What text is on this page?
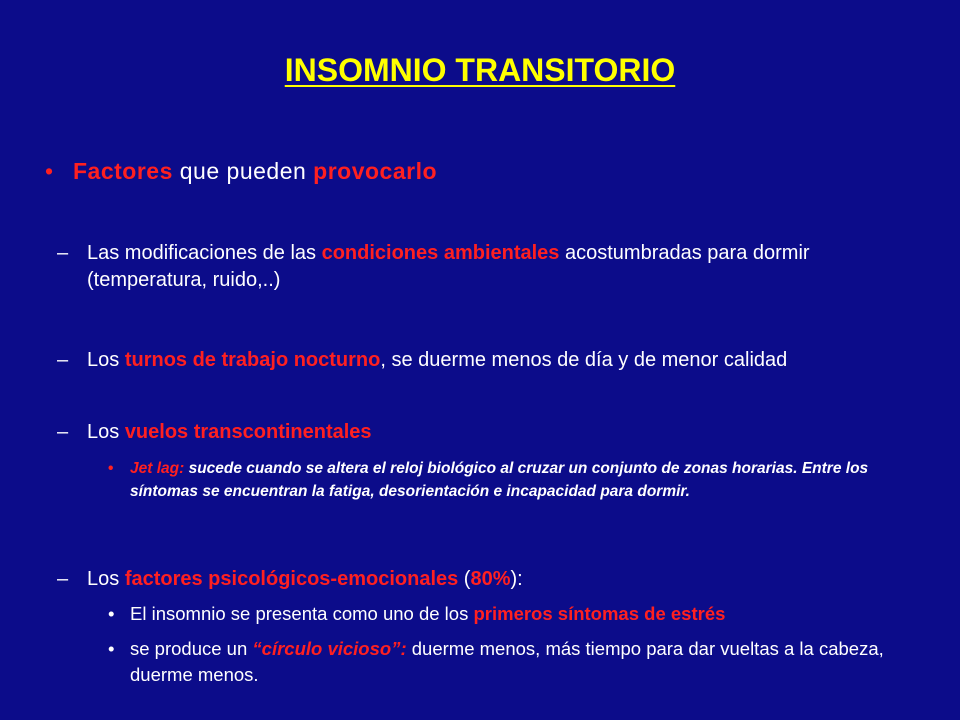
INSOMNIO TRANSITORIO
• Factores que pueden provocarlo
– Las modificaciones de las condiciones ambientales acostumbradas para dormir (temperatura, ruido,..)
– Los turnos de trabajo nocturno, se duerme menos de día y de menor calidad
– Los vuelos transcontinentales
• Jet lag: sucede cuando se altera el reloj biológico al cruzar un conjunto de zonas horarias. Entre los síntomas se encuentran la fatiga, desorientación e incapacidad para dormir.
– Los factores psicológicos-emocionales (80%):
• El insomnio se presenta como uno de los primeros síntomas de estrés
• se produce un “círculo vicioso”: duerme menos, más tiempo para dar vueltas a la cabeza, duerme menos.
